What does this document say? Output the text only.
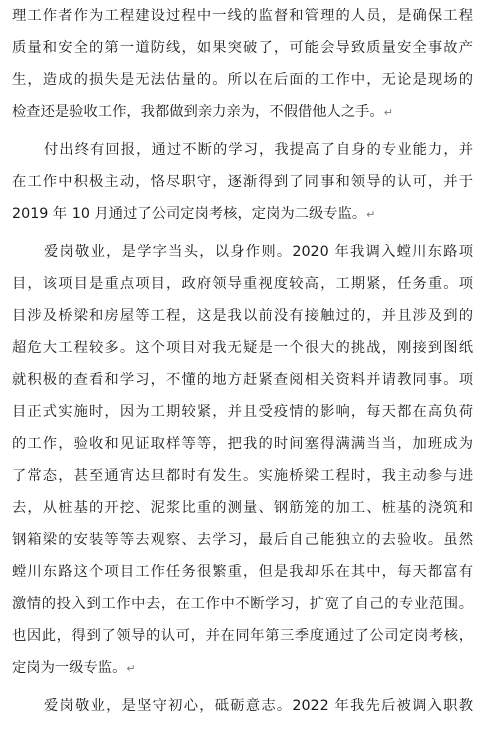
理工作者作为工程建设过程中一线的监督和管理的人员，是确保工程
质量和安全的第一道防线，如果突破了，可能会导致质量安全事故产
生，造成的损失是无法估量的。所以在后面的工作中，无论是现场的
检查还是验收工作，我都做到亲力亲为，不假借他人之手。↵
付出终有回报，通过不断的学习，我提高了自身的专业能力，并
在工作中积极主动，恪尽职守，逐渐得到了同事和领导的认可，并于
2019 年 10 月通过了公司定岗考核，定岗为二级专监。↵
爱岗敬业，是学字当头，以身作则。2020 年我调入螳川东路项
目，该项目是重点项目，政府领导重视度较高，工期紧，任务重。项
目涉及桥梁和房屋等工程，这是我以前没有接触过的，并且涉及到的
超危大工程较多。这个项目对我无疑是一个很大的挑战，刚接到图纸
就积极的查看和学习，不懂的地方赶紧查阅相关资料并请教同事。项
目正式实施时，因为工期较紧，并且受疫情的影响，每天都在高负荷
的工作，验收和见证取样等等，把我的时间塞得满满当当，加班成为
了常态，甚至通宵达旦都时有发生。实施桥梁工程时，我主动参与进
去，从桩基的开挖、泥浆比重的测量、钢筋笼的加工、桩基的浇筑和
钢箱梁的安装等等去观察、去学习，最后自己能独立的去验收。虽然
螳川东路这个项目工作任务很繁重，但是我却乐在其中，每天都富有
激情的投入到工作中去，在工作中不断学习，扩宽了自己的专业范围。
也因此，得到了领导的认可，并在同年第三季度通过了公司定岗考核，
定岗为一级专监。↵
爱岗敬业，是坚守初心，砥砺意志。2022 年我先后被调入职教
